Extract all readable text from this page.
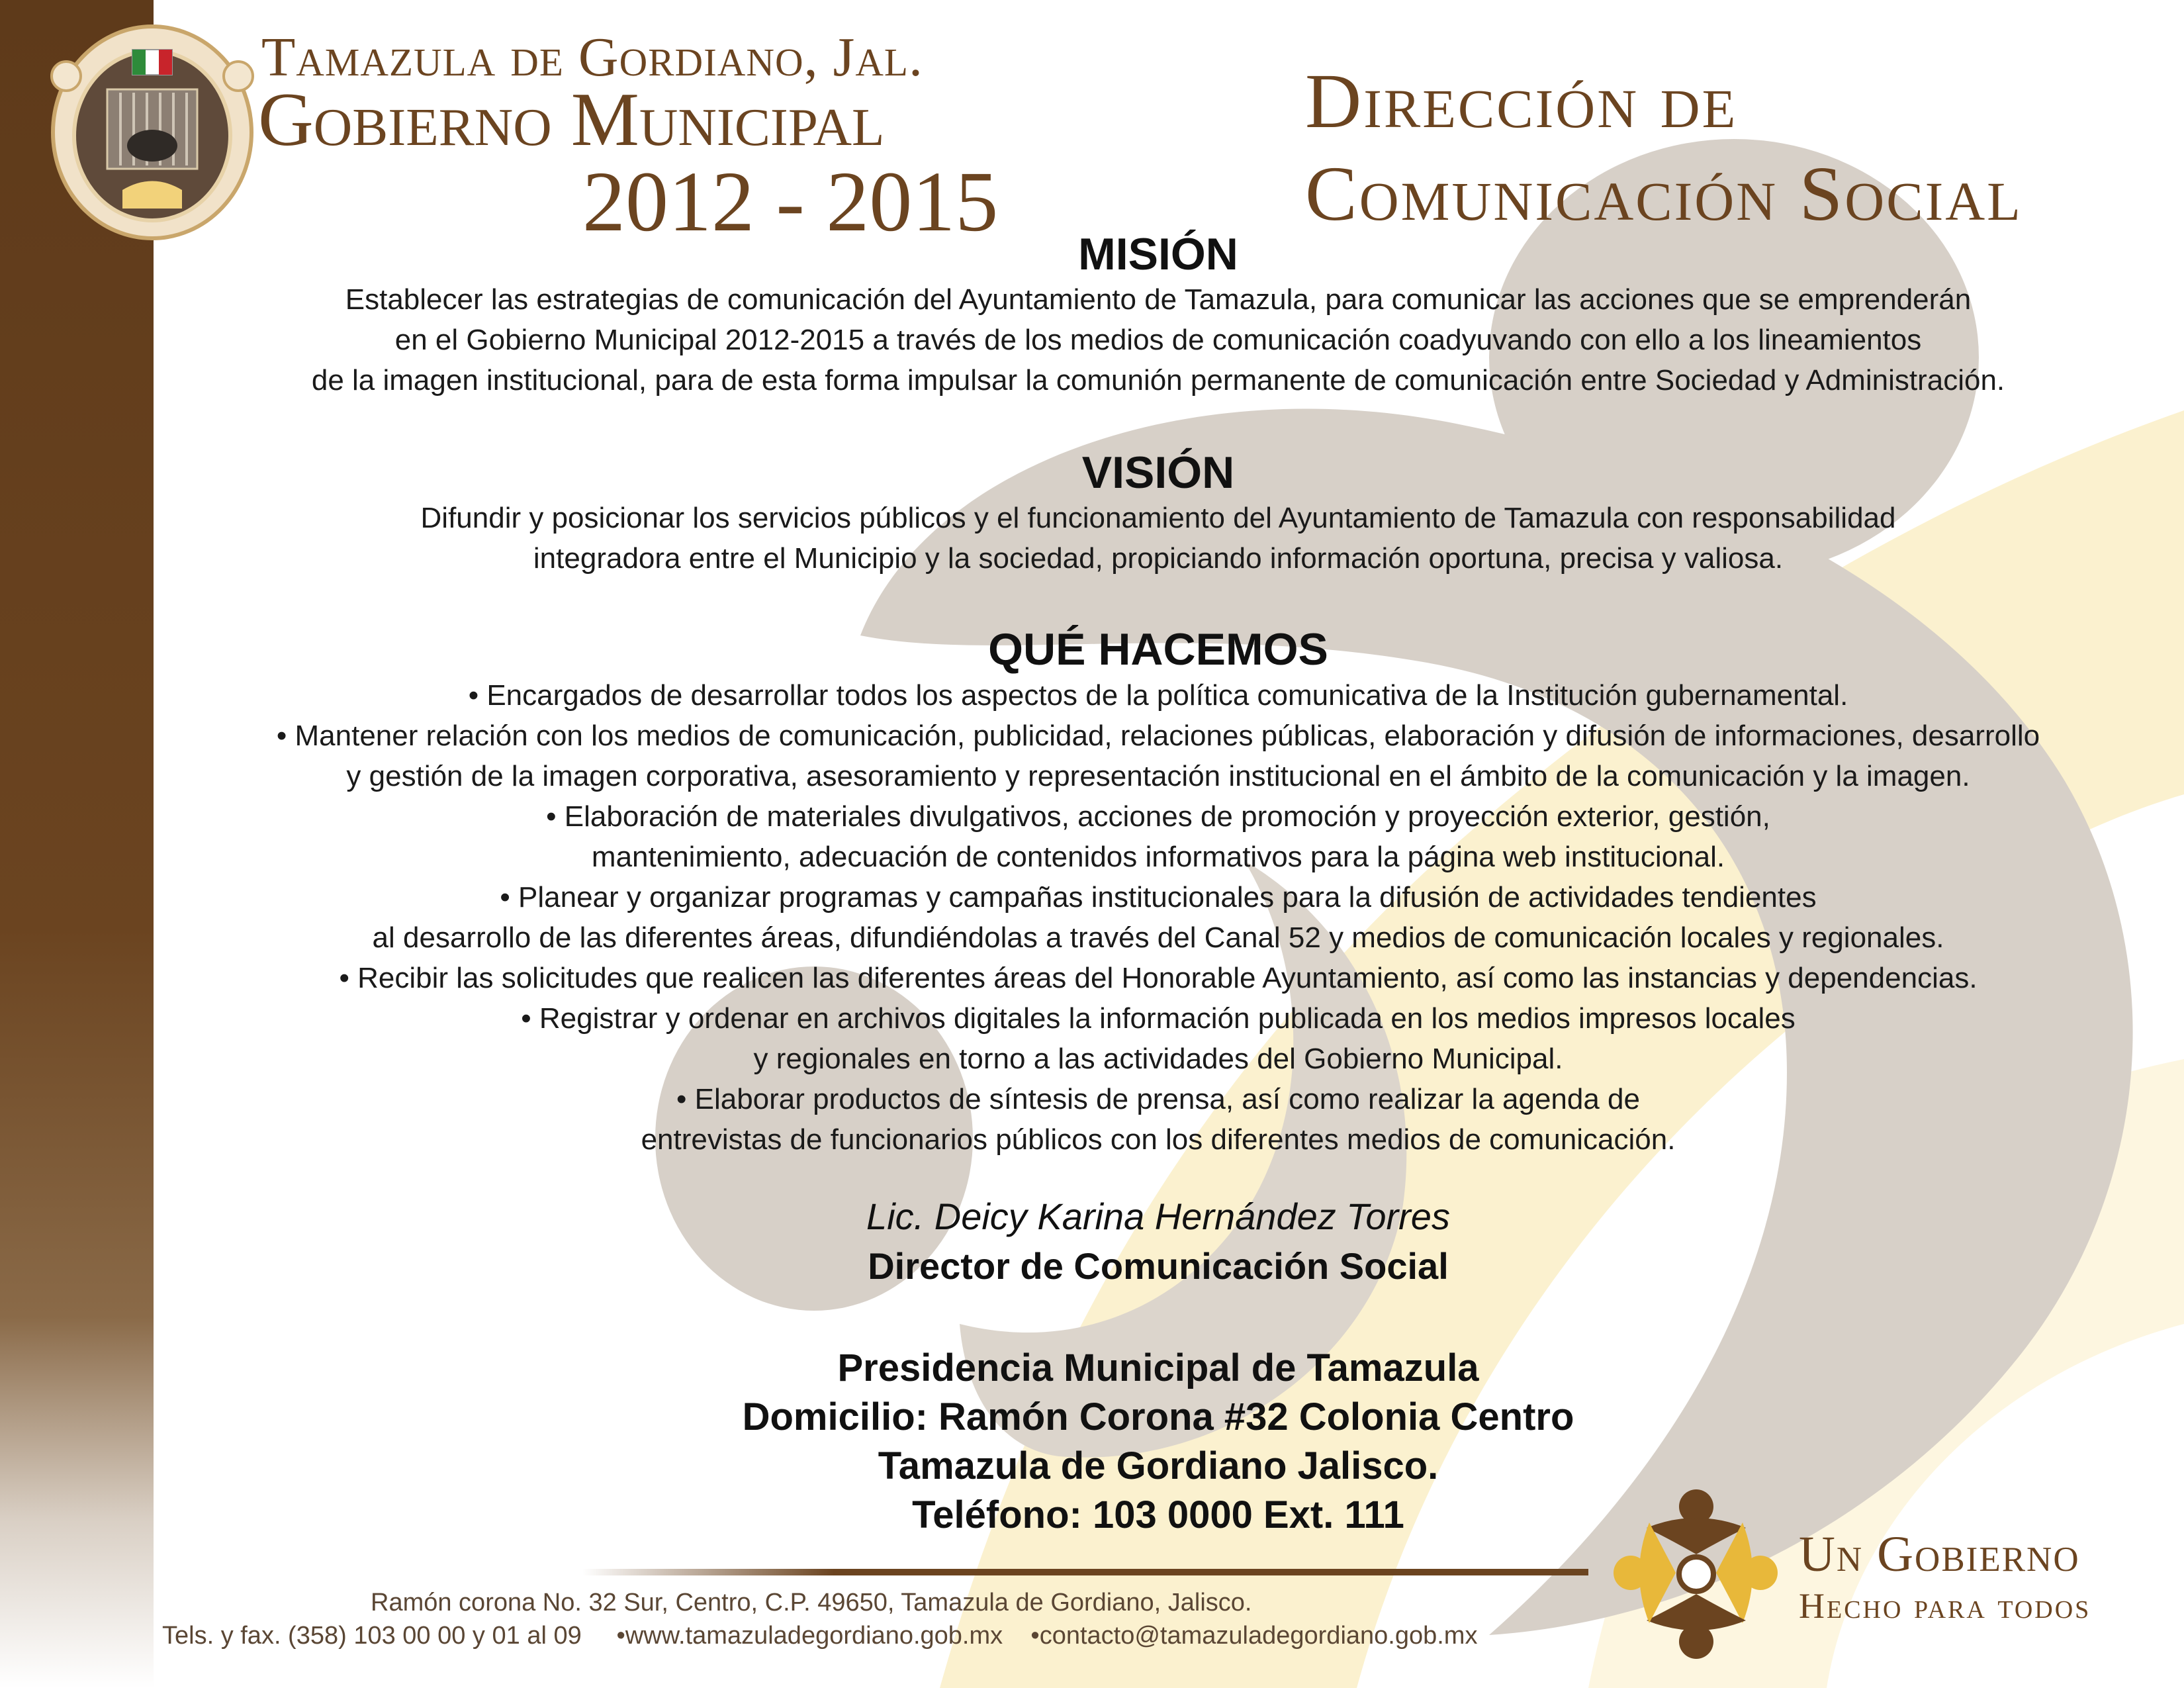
Tamazula de Gordiano, Jal.
Gobierno Municipal
2012 - 2015
Dirección de
Comunicación Social
MISIÓN
Establecer las estrategias de comunicación del Ayuntamiento de Tamazula, para comunicar las acciones que se emprenderán
en el Gobierno Municipal 2012-2015 a través de los medios de comunicación coadyuvando con ello a los lineamientos
de la imagen institucional, para de esta forma impulsar la comunión permanente de comunicación entre Sociedad y Administración.
VISIÓN
Difundir y posicionar los servicios públicos y el funcionamiento del Ayuntamiento de Tamazula con responsabilidad
integradora entre el Municipio y la sociedad, propiciando información oportuna, precisa y valiosa.
QUÉ HACEMOS
• Encargados de desarrollar todos los aspectos de la política comunicativa de la Institución gubernamental.
• Mantener relación con los medios de comunicación, publicidad, relaciones públicas, elaboración y difusión de informaciones, desarrollo
y gestión de la imagen corporativa, asesoramiento y representación institucional en el ámbito de la comunicación y la imagen.
• Elaboración de materiales divulgativos, acciones de promoción y proyección exterior, gestión,
mantenimiento, adecuación de contenidos informativos para la página web institucional.
• Planear y organizar programas y campañas institucionales para la difusión de actividades tendientes
al desarrollo de las diferentes áreas, difundiéndolas a través del Canal 52 y medios de comunicación locales y regionales.
• Recibir las solicitudes que realicen las diferentes áreas del Honorable Ayuntamiento, así como las instancias y dependencias.
• Registrar y ordenar en archivos digitales la información publicada en los medios impresos locales
y regionales en torno a las actividades del Gobierno Municipal.
• Elaborar productos de síntesis de prensa, así como realizar la agenda de
entrevistas de funcionarios públicos con los diferentes medios de comunicación.
Lic. Deicy Karina Hernández Torres
Director de Comunicación Social
Presidencia Municipal de Tamazula
Domicilio: Ramón Corona #32 Colonia Centro
Tamazula de Gordiano Jalisco.
Teléfono: 103 0000 Ext. 111
Ramón corona No. 32 Sur, Centro, C.P. 49650, Tamazula de Gordiano, Jalisco.
Tels. y fax. (358) 103 00 00 y 01 al 09     •www.tamazuladegordiano.gob.mx    •contacto@tamazuladegordiano.gob.mx
Un Gobierno
Hecho para todos
